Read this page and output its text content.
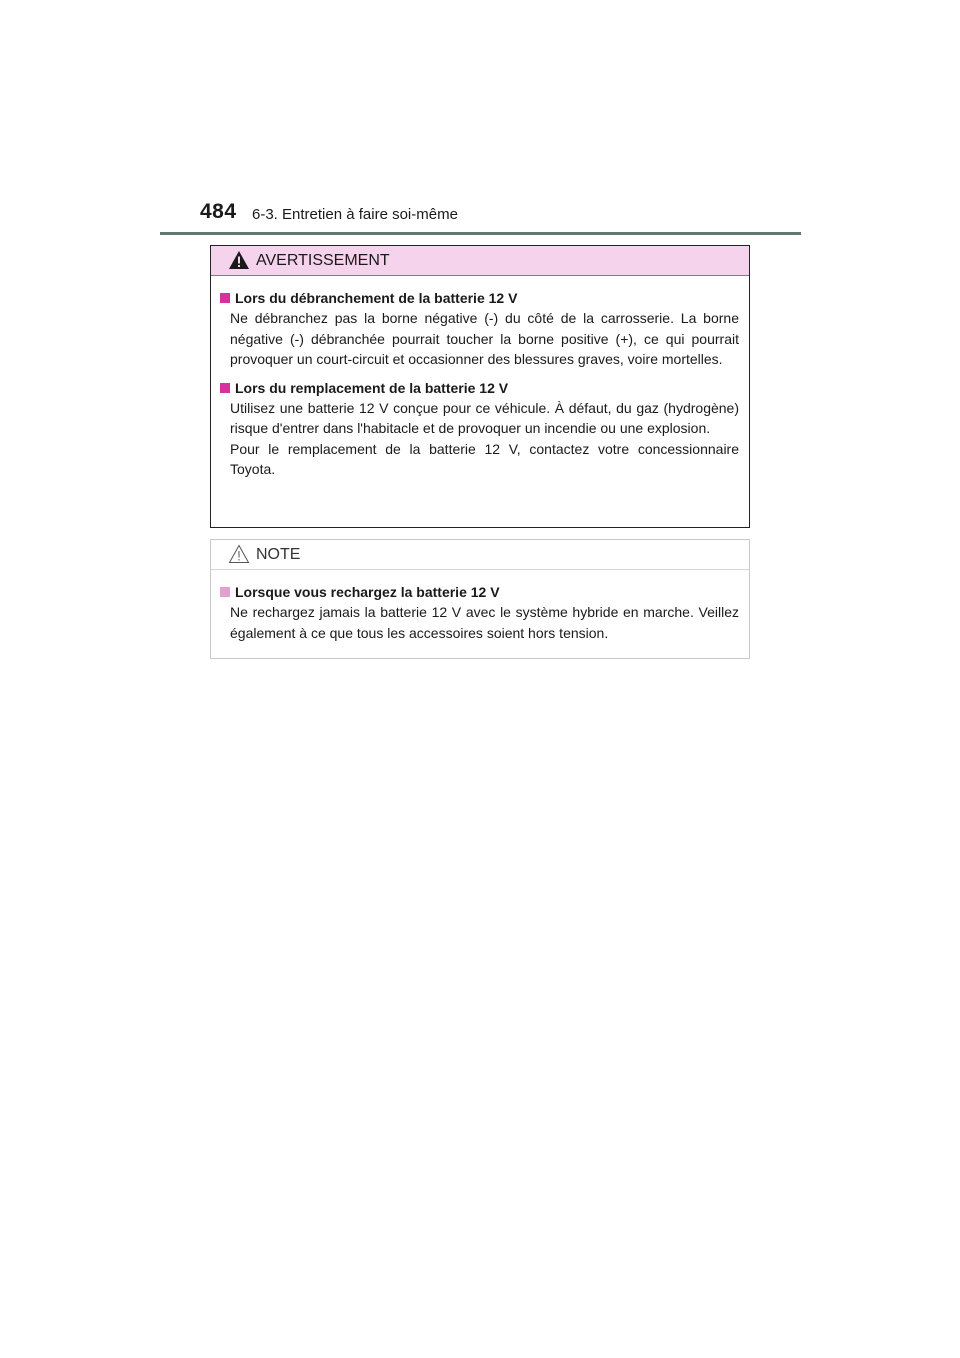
484 6-3. Entretien à faire soi-même
AVERTISSEMENT
Lors du débranchement de la batterie 12 V
Ne débranchez pas la borne négative (-) du côté de la carrosserie. La borne négative (-) débranchée pourrait toucher la borne positive (+), ce qui pourrait provoquer un court-circuit et occasionner des blessures graves, voire mortelles.
Lors du remplacement de la batterie 12 V
Utilisez une batterie 12 V conçue pour ce véhicule. À défaut, du gaz (hydrogène) risque d'entrer dans l'habitacle et de provoquer un incendie ou une explosion.
Pour le remplacement de la batterie 12 V, contactez votre concessionnaire Toyota.
NOTE
Lorsque vous rechargez la batterie 12 V
Ne rechargez jamais la batterie 12 V avec le système hybride en marche. Veillez également à ce que tous les accessoires soient hors tension.
